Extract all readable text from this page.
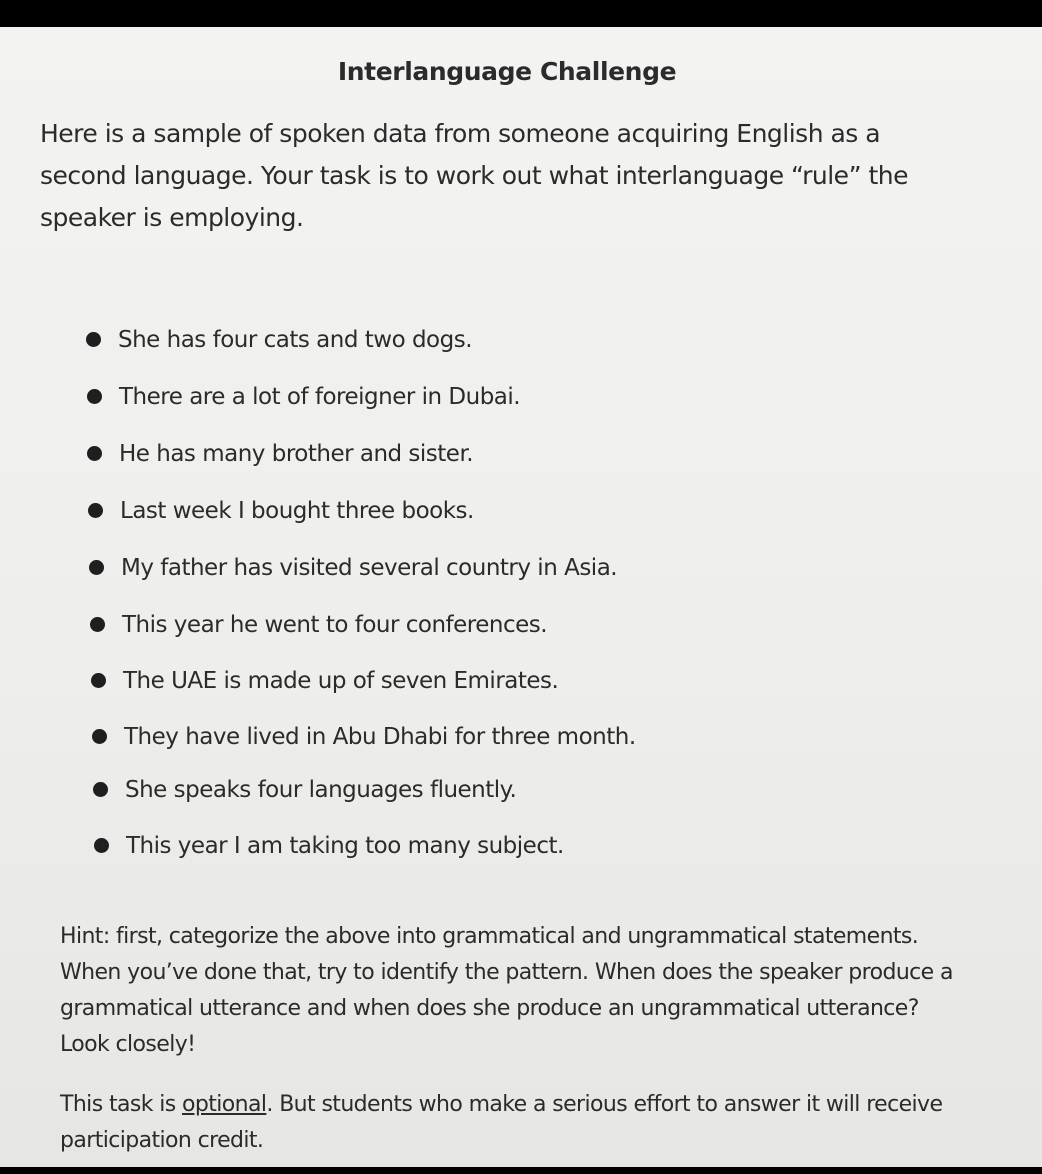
Interlanguage Challenge

Here is a sample of spoken data from someone acquiring English as a second language. Your task is to work out what interlanguage “rule” the speaker is employing.

She has four cats and two dogs.
There are a lot of foreigner in Dubai.
He has many brother and sister.
Last week I bought three books.
My father has visited several country in Asia.
This year he went to four conferences.
The UAE is made up of seven Emirates.
They have lived in Abu Dhabi for three month.
She speaks four languages fluently.
This year I am taking too many subject.

Hint: first, categorize the above into grammatical and ungrammatical statements. When you’ve done that, try to identify the pattern. When does the speaker produce a grammatical utterance and when does she produce an ungrammatical utterance? Look closely!

This task is optional. But students who make a serious effort to answer it will receive participation credit.
